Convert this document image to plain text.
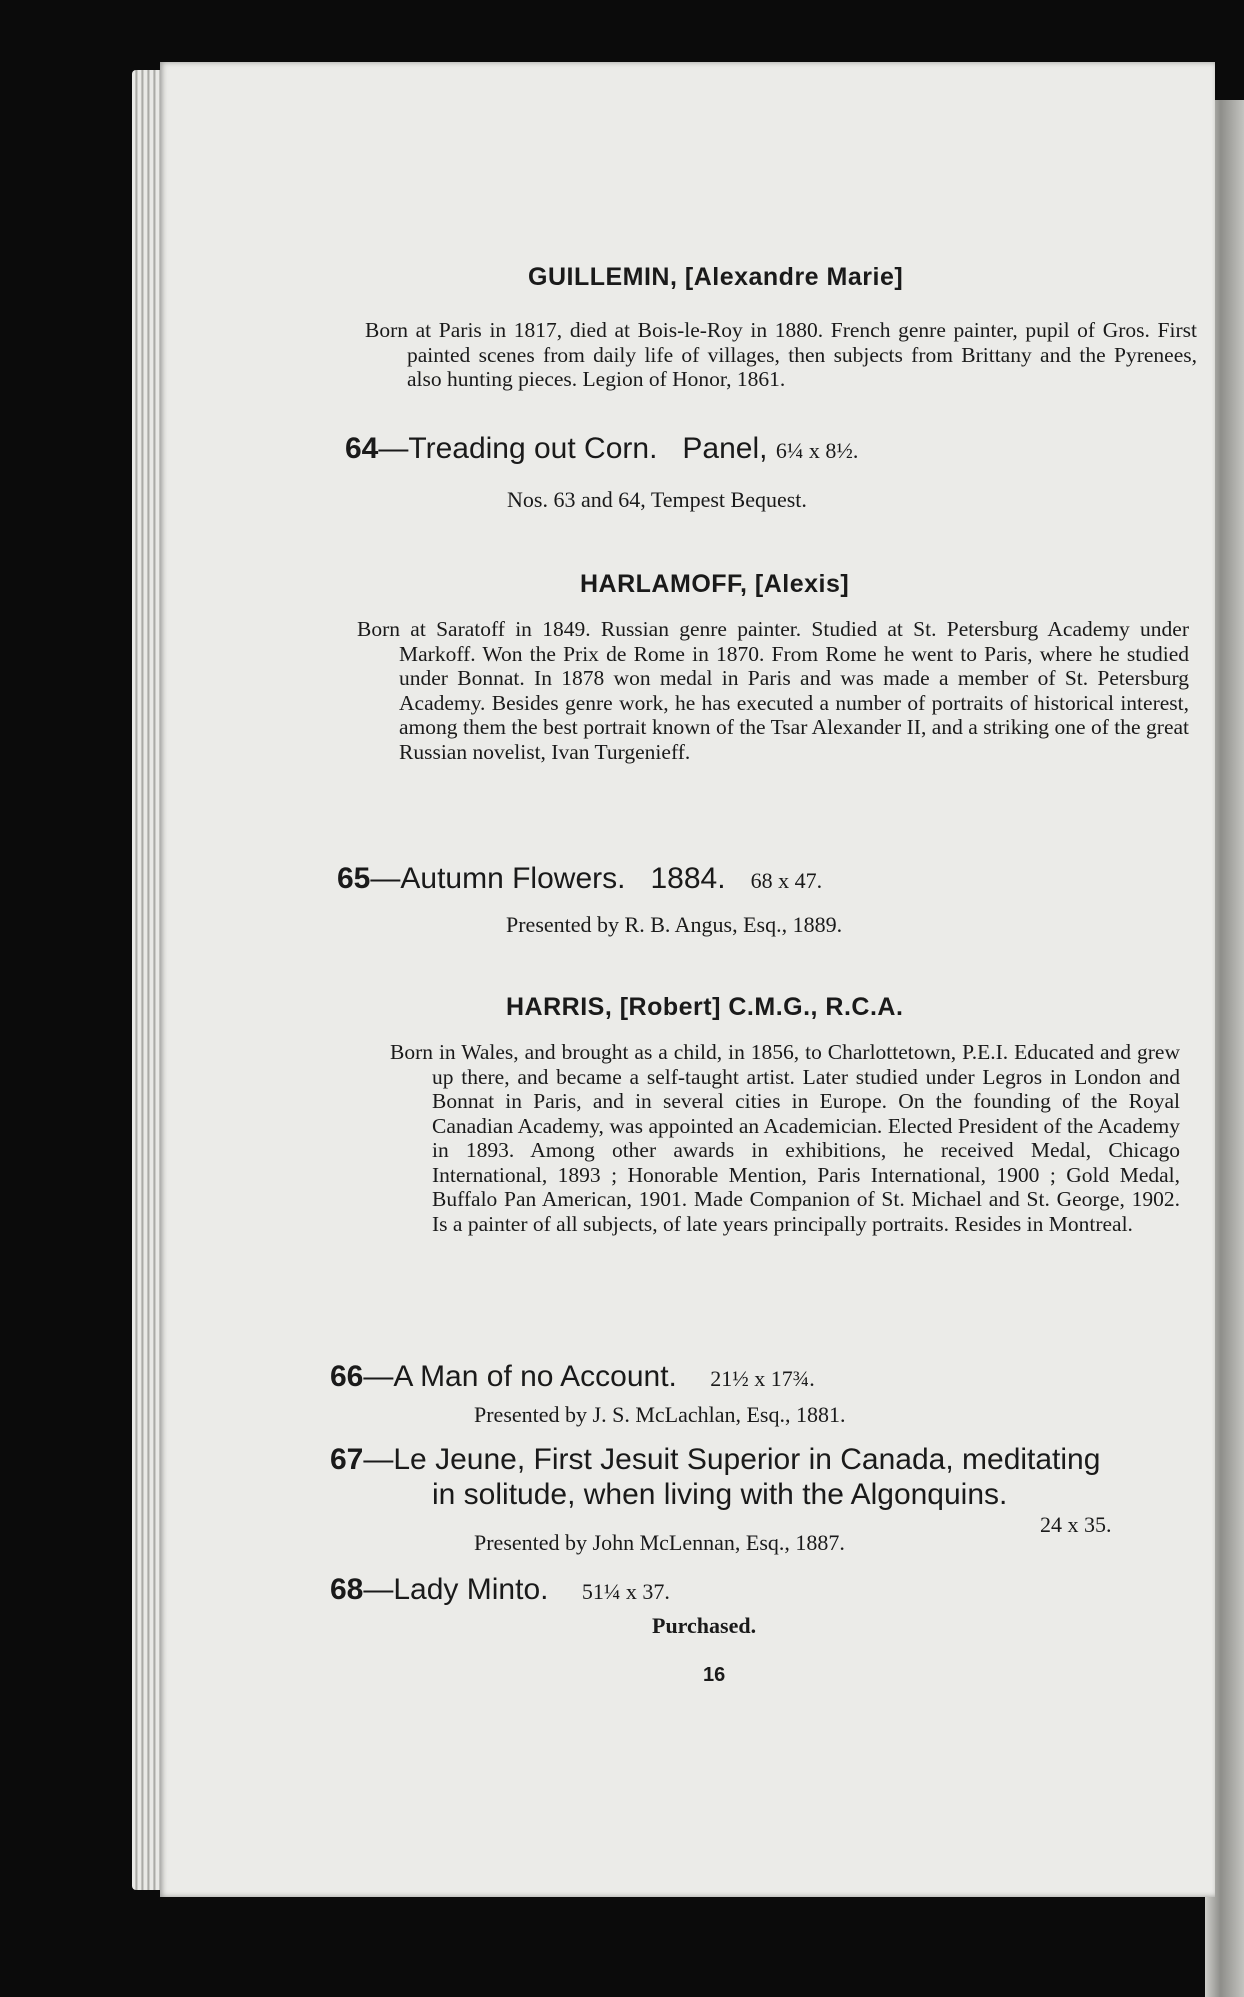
GUILLEMIN, [Alexandre Marie]
Born at Paris in 1817, died at Bois-le-Roy in 1880. French genre painter, pupil of Gros. First painted scenes from daily life of villages, then subjects from Brittany and the Pyrenees, also hunting pieces. Legion of Honor, 1861.
64—Treading out Corn. Panel, 6¼ x 8½.
Nos. 63 and 64, Tempest Bequest.
HARLAMOFF, [Alexis]
Born at Saratoff in 1849. Russian genre painter. Studied at St. Petersburg Academy under Markoff. Won the Prix de Rome in 1870. From Rome he went to Paris, where he studied under Bonnat. In 1878 won medal in Paris and was made a member of St. Petersburg Academy. Besides genre work, he has executed a number of portraits of historical interest, among them the best portrait known of the Tsar Alexander II, and a striking one of the great Russian novelist, Ivan Turgenieff.
65—Autumn Flowers. 1884. 68 x 47.
Presented by R. B. Angus, Esq., 1889.
HARRIS, [Robert] C.M.G., R.C.A.
Born in Wales, and brought as a child, in 1856, to Charlottetown, P.E.I. Educated and grew up there, and became a self-taught artist. Later studied under Legros in London and Bonnat in Paris, and in several cities in Europe. On the founding of the Royal Canadian Academy, was appointed an Academician. Elected President of the Academy in 1893. Among other awards in exhibitions, he received Medal, Chicago International, 1893 ; Honorable Mention, Paris International, 1900 ; Gold Medal, Buffalo Pan American, 1901. Made Companion of St. Michael and St. George, 1902. Is a painter of all subjects, of late years principally portraits. Resides in Montreal.
66—A Man of no Account. 21½ x 17¾.
Presented by J. S. McLachlan, Esq., 1881.
67—Le Jeune, First Jesuit Superior in Canada, meditating
in solitude, when living with the Algonquins.
24 x 35.
Presented by John McLennan, Esq., 1887.
68—Lady Minto. 51¼ x 37.
Purchased.
16
